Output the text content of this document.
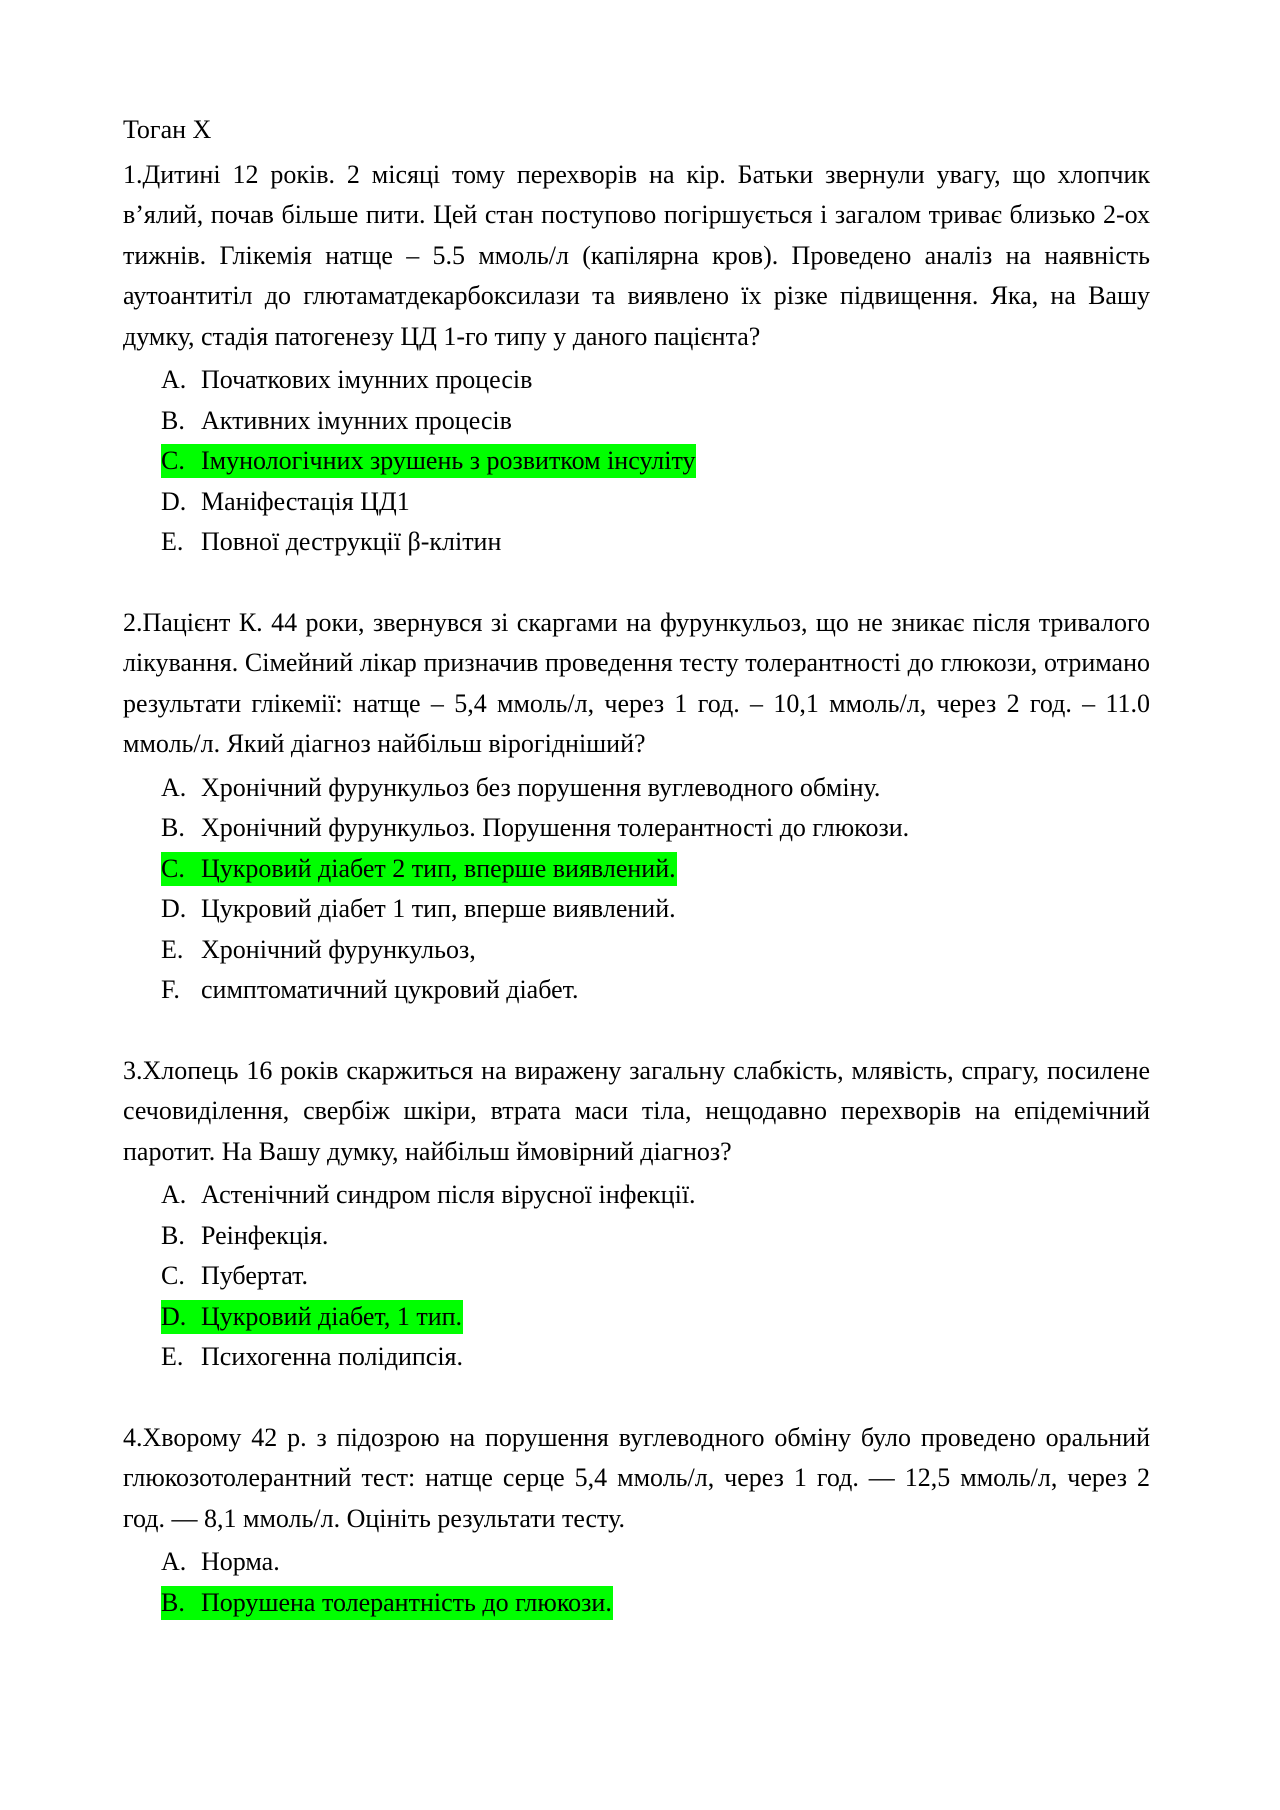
Тоган Х

1.Дитині 12 років. 2 місяці тому перехворів на кір. Батьки звернули увагу, що хлопчик в’ялий, почав більше пити. Цей стан поступово погіршується і загалом триває близько 2-ох тижнів. Глікемія натще – 5.5 ммоль/л (капілярна кров). Проведено аналіз на наявність аутоантитіл до глютаматдекарбоксилази та виявлено їх різке підвищення. Яка, на Вашу думку, стадія патогенезу ЦД 1-го типу у даного пацієнта?

A. Початкових імунних процесів
B. Активних імунних процесів
C. Імунологічних зрушень з розвитком інсуліту
D. Маніфестація ЦД1
E. Повної деструкції β-клітин

2.Пацієнт К. 44 роки, звернувся зі скаргами на фурункульоз, що не зникає після тривалого лікування. Сімейний лікар призначив проведення тесту толерантності до глюкози, отримано результати глікемії: натще – 5,4 ммоль/л, через 1 год. – 10,1 ммоль/л, через 2 год. – 11.0 ммоль/л. Який діагноз найбільш вірогідніший?

A. Хронічний фурункульоз без порушення вуглеводного обміну.
B. Хронічний фурункульоз. Порушення толерантності до глюкози.
C. Цукровий діабет 2 тип, вперше виявлений.
D. Цукровий діабет 1 тип, вперше виявлений.
E. Хронічний фурункульоз,
F. симптоматичний цукровий діабет.

3.Хлопець 16 років скаржиться на виражену загальну слабкість, млявість, спрагу, посилене сечовиділення, свербіж шкіри, втрата маси тіла, нещодавно перехворів на епідемічний паротит. На Вашу думку, найбільш ймовірний діагноз?

A. Астенічний синдром після вірусної інфекції.
B. Реінфекція.
C. Пубертат.
D. Цукровий діабет, 1 тип.
E. Психогенна полідипсія.

4.Хворому 42 р. з підозрою на порушення вуглеводного обміну було проведено оральний глюкозотолерантний тест: натще серце 5,4 ммоль/л, через 1 год. — 12,5 ммоль/л, через 2 год. — 8,1 ммоль/л. Оцініть результати тесту.

A. Норма.
B. Порушена толерантність до глюкози.
